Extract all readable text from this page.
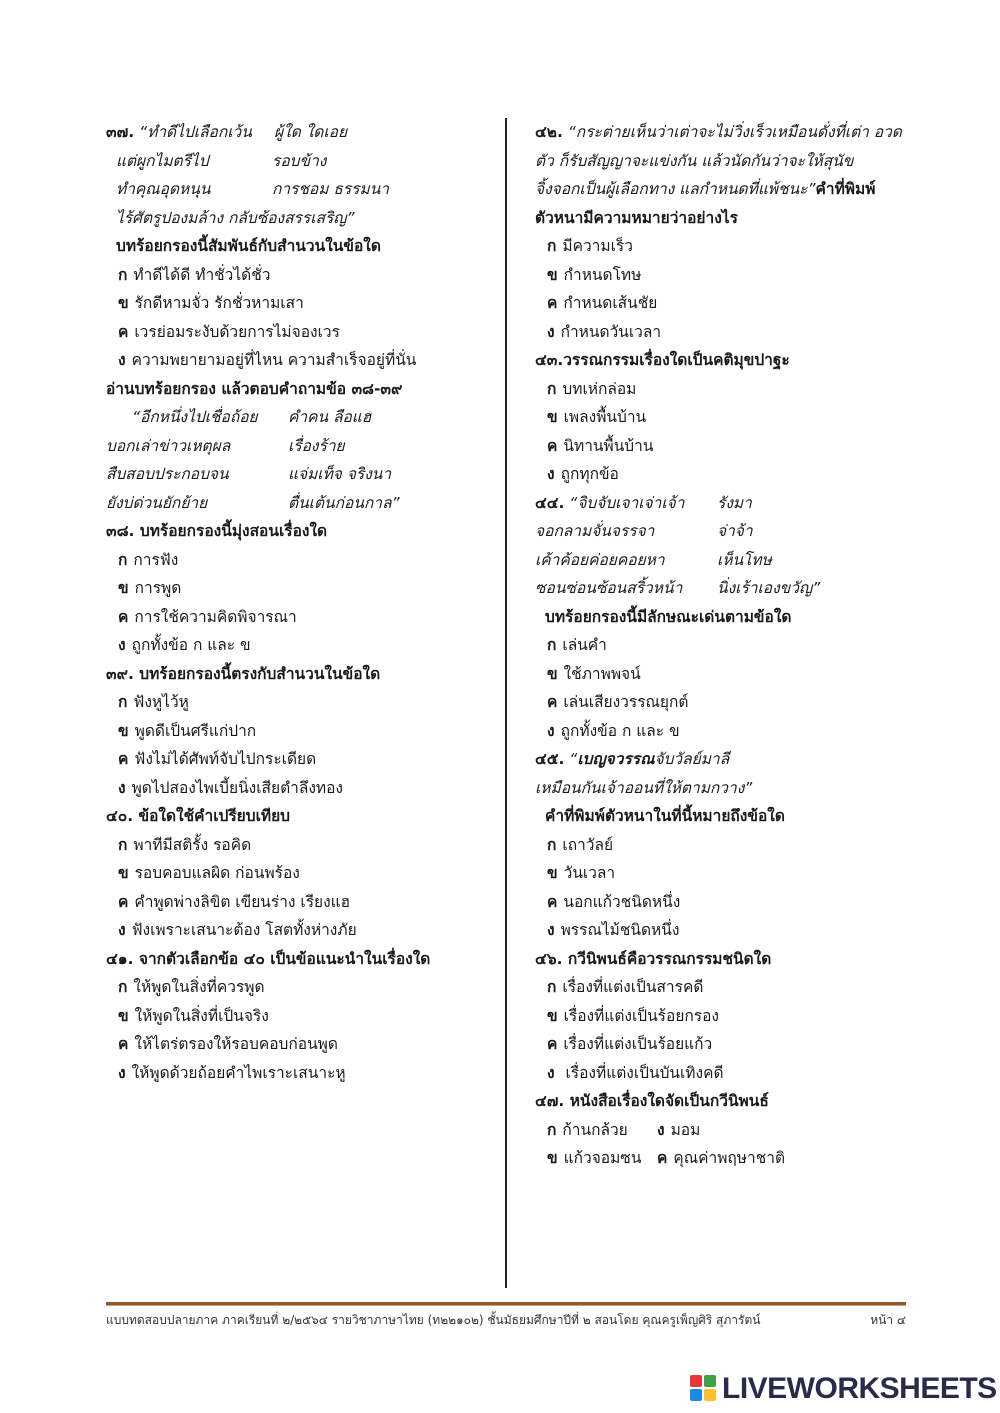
๓๗.
“ทำดีไปเลือกเว้น	ผู้ใด ใดเอย
แต่ผูกไมตรีไป	รอบข้าง
ทำคุณอุดหนุน	การชอม ธรรมนา
ไร้ศัตรูปองมล้าง กลับซ้องสรรเสริญ”
บทร้อยกรองนี้สัมพันธ์กับสำนวนในข้อใด
ก ทำดีได้ดี ทำชั่วได้ชั่ว
ข รักดีหามจั่ว รักชั่วหามเสา
ค เวรย่อมระงับด้วยการไม่จองเวร
ง ความพยายามอยู่ที่ไหน ความสำเร็จอยู่ที่นั่น
อ่านบทร้อยกรอง แล้วตอบคำถามข้อ ๓๘-๓๙
“อีกหนึ่งไปเชื่อถ้อย	คำคน ลือแฮ
บอกเล่าข่าวเหตุผล	เรื่องร้าย
สืบสอบประกอบจน	แจ่มเท็จ จริงนา
ยังบ่ด่วนยักย้าย	ตื่นเต้นก่อนกาล”
๓๘. บทร้อยกรองนี้มุ่งสอนเรื่องใด
ก การฟัง
ข การพูด
ค การใช้ความคิดพิจารณา
ง ถูกทั้งข้อ ก และ ข
๓๙. บทร้อยกรองนี้ตรงกับสำนวนในข้อใด
ก ฟังหูไว้หู
ข พูดดีเป็นศรีแก่ปาก
ค ฟังไม่ได้ศัพท์จับไปกระเดียด
ง พูดไปสองไพเบี้ยนิ่งเสียตำลึงทอง
๔๐. ข้อใดใช้คำเปรียบเทียบ
ก พาทีมีสติรั้ง รอคิด
ข รอบคอบแลผิด ก่อนพร้อง
ค คำพูดพ่างลิขิต เขียนร่าง เรียงแฮ
ง ฟังเพราะเสนาะต้อง โสตทั้งห่างภัย
๔๑. จากตัวเลือกข้อ ๔๐ เป็นข้อแนะนำในเรื่องใด
ก ให้พูดในสิ่งที่ควรพูด
ข ให้พูดในสิ่งที่เป็นจริง
ค ให้ไตร่ตรองให้รอบคอบก่อนพูด
ง ให้พูดด้วยถ้อยคำไพเราะเสนาะหู
๔๒. “กระต่ายเห็นว่าเต่าจะไม่วิ่งเร็วเหมือนดั่งที่เต่า อวด
ตัว ก็รับสัญญาจะแข่งกัน แล้วนัดกันว่าจะให้สุนัข
จิ้งจอกเป็นผู้เลือกทาง แลกำหนดที่แพ้ชนะ”คำที่พิมพ์
ตัวหนามีความหมายว่าอย่างไร
ก มีความเร็ว
ข กำหนดโทษ
ค กำหนดเส้นชัย
ง กำหนดวันเวลา
๔๓.วรรณกรรมเรื่องใดเป็นคติมุขปาฐะ
ก บทเห่กล่อม
ข เพลงพื้นบ้าน
ค นิทานพื้นบ้าน
ง ถูกทุกข้อ
๔๔. “จิบจับเจาเจ่าเจ้า	รังมา
จอกลามจั่นจรรจา	จ่าจ้า
เค้าค้อยค่อยคอยหา	เห็นโทษ
ซอนซ่อนซ้อนสริ้วหน้า	นิ่งเร้าเองขวัญ”
บทร้อยกรองนี้มีลักษณะเด่นตามข้อใด
ก เล่นคำ
ข ใช้ภาพพจน์
ค เล่นเสียงวรรณยุกต์
ง ถูกทั้งข้อ ก และ ข
๔๕. “เบญจวรรณจับวัลย์มาลี
เหมือนกันเจ้าออนที่ให้ตามกวาง”
คำที่พิมพ์ตัวหนาในที่นี้หมายถึงข้อใด
ก เถาวัลย์
ข วันเวลา
ค นอกแก้วชนิดหนึ่ง
ง พรรณไม้ชนิดหนึ่ง
๔๖. กวีนิพนธ์คือวรรณกรรมชนิดใด
ก เรื่องที่แต่งเป็นสารคดี
ข เรื่องที่แต่งเป็นร้อยกรอง
ค เรื่องที่แต่งเป็นร้อยแก้ว
ง เรื่องที่แต่งเป็นบันเทิงคดี
๔๗. หนังสือเรื่องใดจัดเป็นกวีนิพนธ์
ก ก้านกล้วย ง มอม
ข แก้วจอมซน ค คุณค่าพฤษาชาติ
แบบทดสอบปลายภาค ภาคเรียนที่ ๒/๒๕๖๔ รายวิชาภาษาไทย (ท๒๒๑๐๒) ชั้นมัธยมศึกษาปีที่ ๒ สอนโดย คุณครูเพ็ญศิริ สุภารัตน์	หน้า ๔
LIVEWORKSHEETS
